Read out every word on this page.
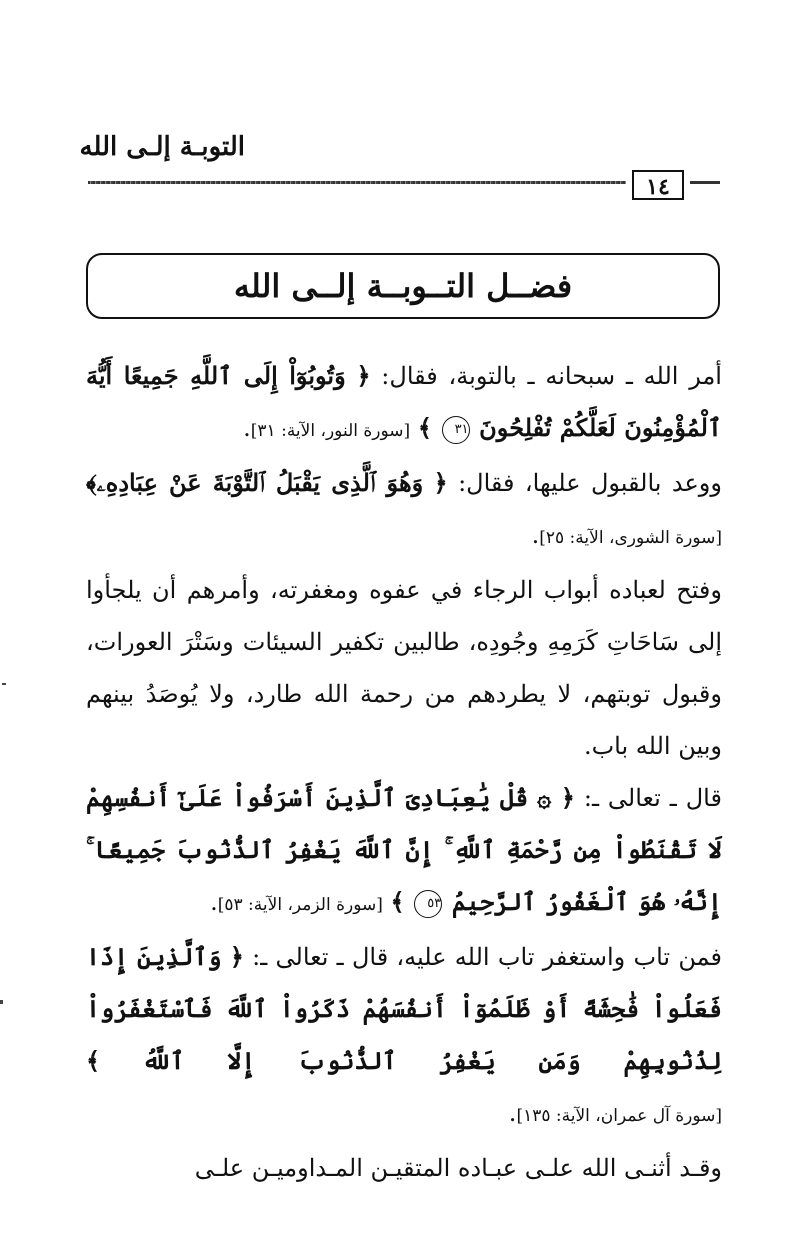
التوبـة إلـى الله
١٤
فضــل التــوبــة إلــى الله

أمر الله ـ سبحانه ـ بالتوبة، فقال: ﴿ وَتُوبُوٓاْ إِلَى ٱللَّهِ جَمِيعًا أَيُّهَ ٱلْمُؤْمِنُونَ لَعَلَّكُمْ تُفْلِحُونَ ٣١ ﴾ [سورة النور، الآية: ٣١].

ووعد بالقبول عليها، فقال: ﴿ وَهُوَ ٱلَّذِى يَقْبَلُ ٱلتَّوْبَةَ عَنْ عِبَادِهِۦ﴾ [سورة الشورى، الآية: ٢٥].

وفتح لعباده أبواب الرجاء في عفوه ومغفرته، وأمرهم أن يلجأوا إلى سَاحَاتِ كَرَمِهِ وجُودِه، طالبين تكفير السيئات وسَتْرَ العورات، وقبول توبتهم، لا يطردهم من رحمة الله طارد، ولا يُوصَدُ بينهم وبين الله باب.

قال ـ تعالى ـ: ﴿ ۞ قُلْ يَٰعِبَادِىَ ٱلَّذِينَ أَسْرَفُواْ عَلَىٰٓ أَنفُسِهِمْ لَا تَقْنَطُواْ مِن رَّحْمَةِ ٱللَّهِ ۚ إِنَّ ٱللَّهَ يَغْفِرُ ٱلذُّنُوبَ جَمِيعًا ۚ إِنَّهُۥ هُوَ ٱلْغَفُورُ ٱلرَّحِيمُ ٥٣ ﴾ [سورة الزمر، الآية: ٥٣].

فمن تاب واستغفر تاب الله عليه، قال ـ تعالى ـ: ﴿ وَٱلَّذِينَ إِذَا فَعَلُواْ فَٰحِشَةً أَوْ ظَلَمُوٓاْ أَنفُسَهُمْ ذَكَرُواْ ٱللَّهَ فَٱسْتَغْفَرُواْ لِذُنُوبِهِمْ وَمَن يَغْفِرُ ٱلذُّنُوبَ إِلَّا ٱللَّهُ ﴾ [سورة آل عمران، الآية: ١٣٥].

وقـد أثنـى الله علـى عبـاده المتقيـن المـداوميـن علـى
